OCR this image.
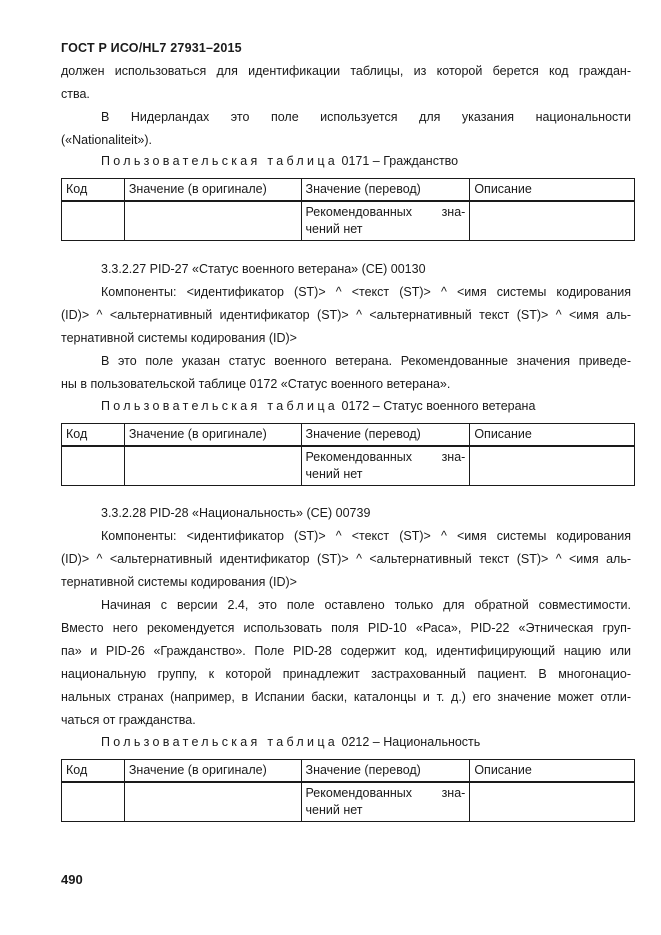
ГОСТ Р ИСО/HL7 27931–2015
должен использоваться для идентификации таблицы, из которой берется код граждан-
ства.
В Нидерландах это поле используется для указания национальности
(«Nationaliteit»).
Пользовательская таблица 0171 – Гражданство
Код	Значение (в оригинале)	Значение (перевод)	Описание

		Рекомендованных зна-
чений нет	
3.3.2.27 PID-27 «Статус военного ветерана» (CE) 00130
Компоненты: <идентификатор (ST)> ^ <текст (ST)> ^ <имя системы кодирования
(ID)> ^ <альтернативный идентификатор (ST)> ^ <альтернативный текст (ST)> ^ <имя аль-
тернативной системы кодирования (ID)>
В это поле указан статус военного ветерана. Рекомендованные значения приведе-
ны в пользовательской таблице 0172 «Статус военного ветерана».
Пользовательская таблица 0172 – Статус военного ветерана
Код	Значение (в оригинале)	Значение (перевод)	Описание

		Рекомендованных зна-
чений нет	
3.3.2.28 PID-28 «Национальность» (CE) 00739
Компоненты: <идентификатор (ST)> ^ <текст (ST)> ^ <имя системы кодирования
(ID)> ^ <альтернативный идентификатор (ST)> ^ <альтернативный текст (ST)> ^ <имя аль-
тернативной системы кодирования (ID)>
Начиная с версии 2.4, это поле оставлено только для обратной совместимости.
Вместо него рекомендуется использовать поля PID-10 «Раса», PID-22 «Этническая груп-
па» и PID-26 «Гражданство». Поле PID-28 содержит код, идентифицирующий нацию или
национальную группу, к которой принадлежит застрахованный пациент. В многонацио-
нальных странах (например, в Испании баски, каталонцы и т. д.) его значение может отли-
чаться от гражданства.
Пользовательская таблица 0212 – Национальность
Код	Значение (в оригинале)	Значение (перевод)	Описание

		Рекомендованных зна-
чений нет	
490
